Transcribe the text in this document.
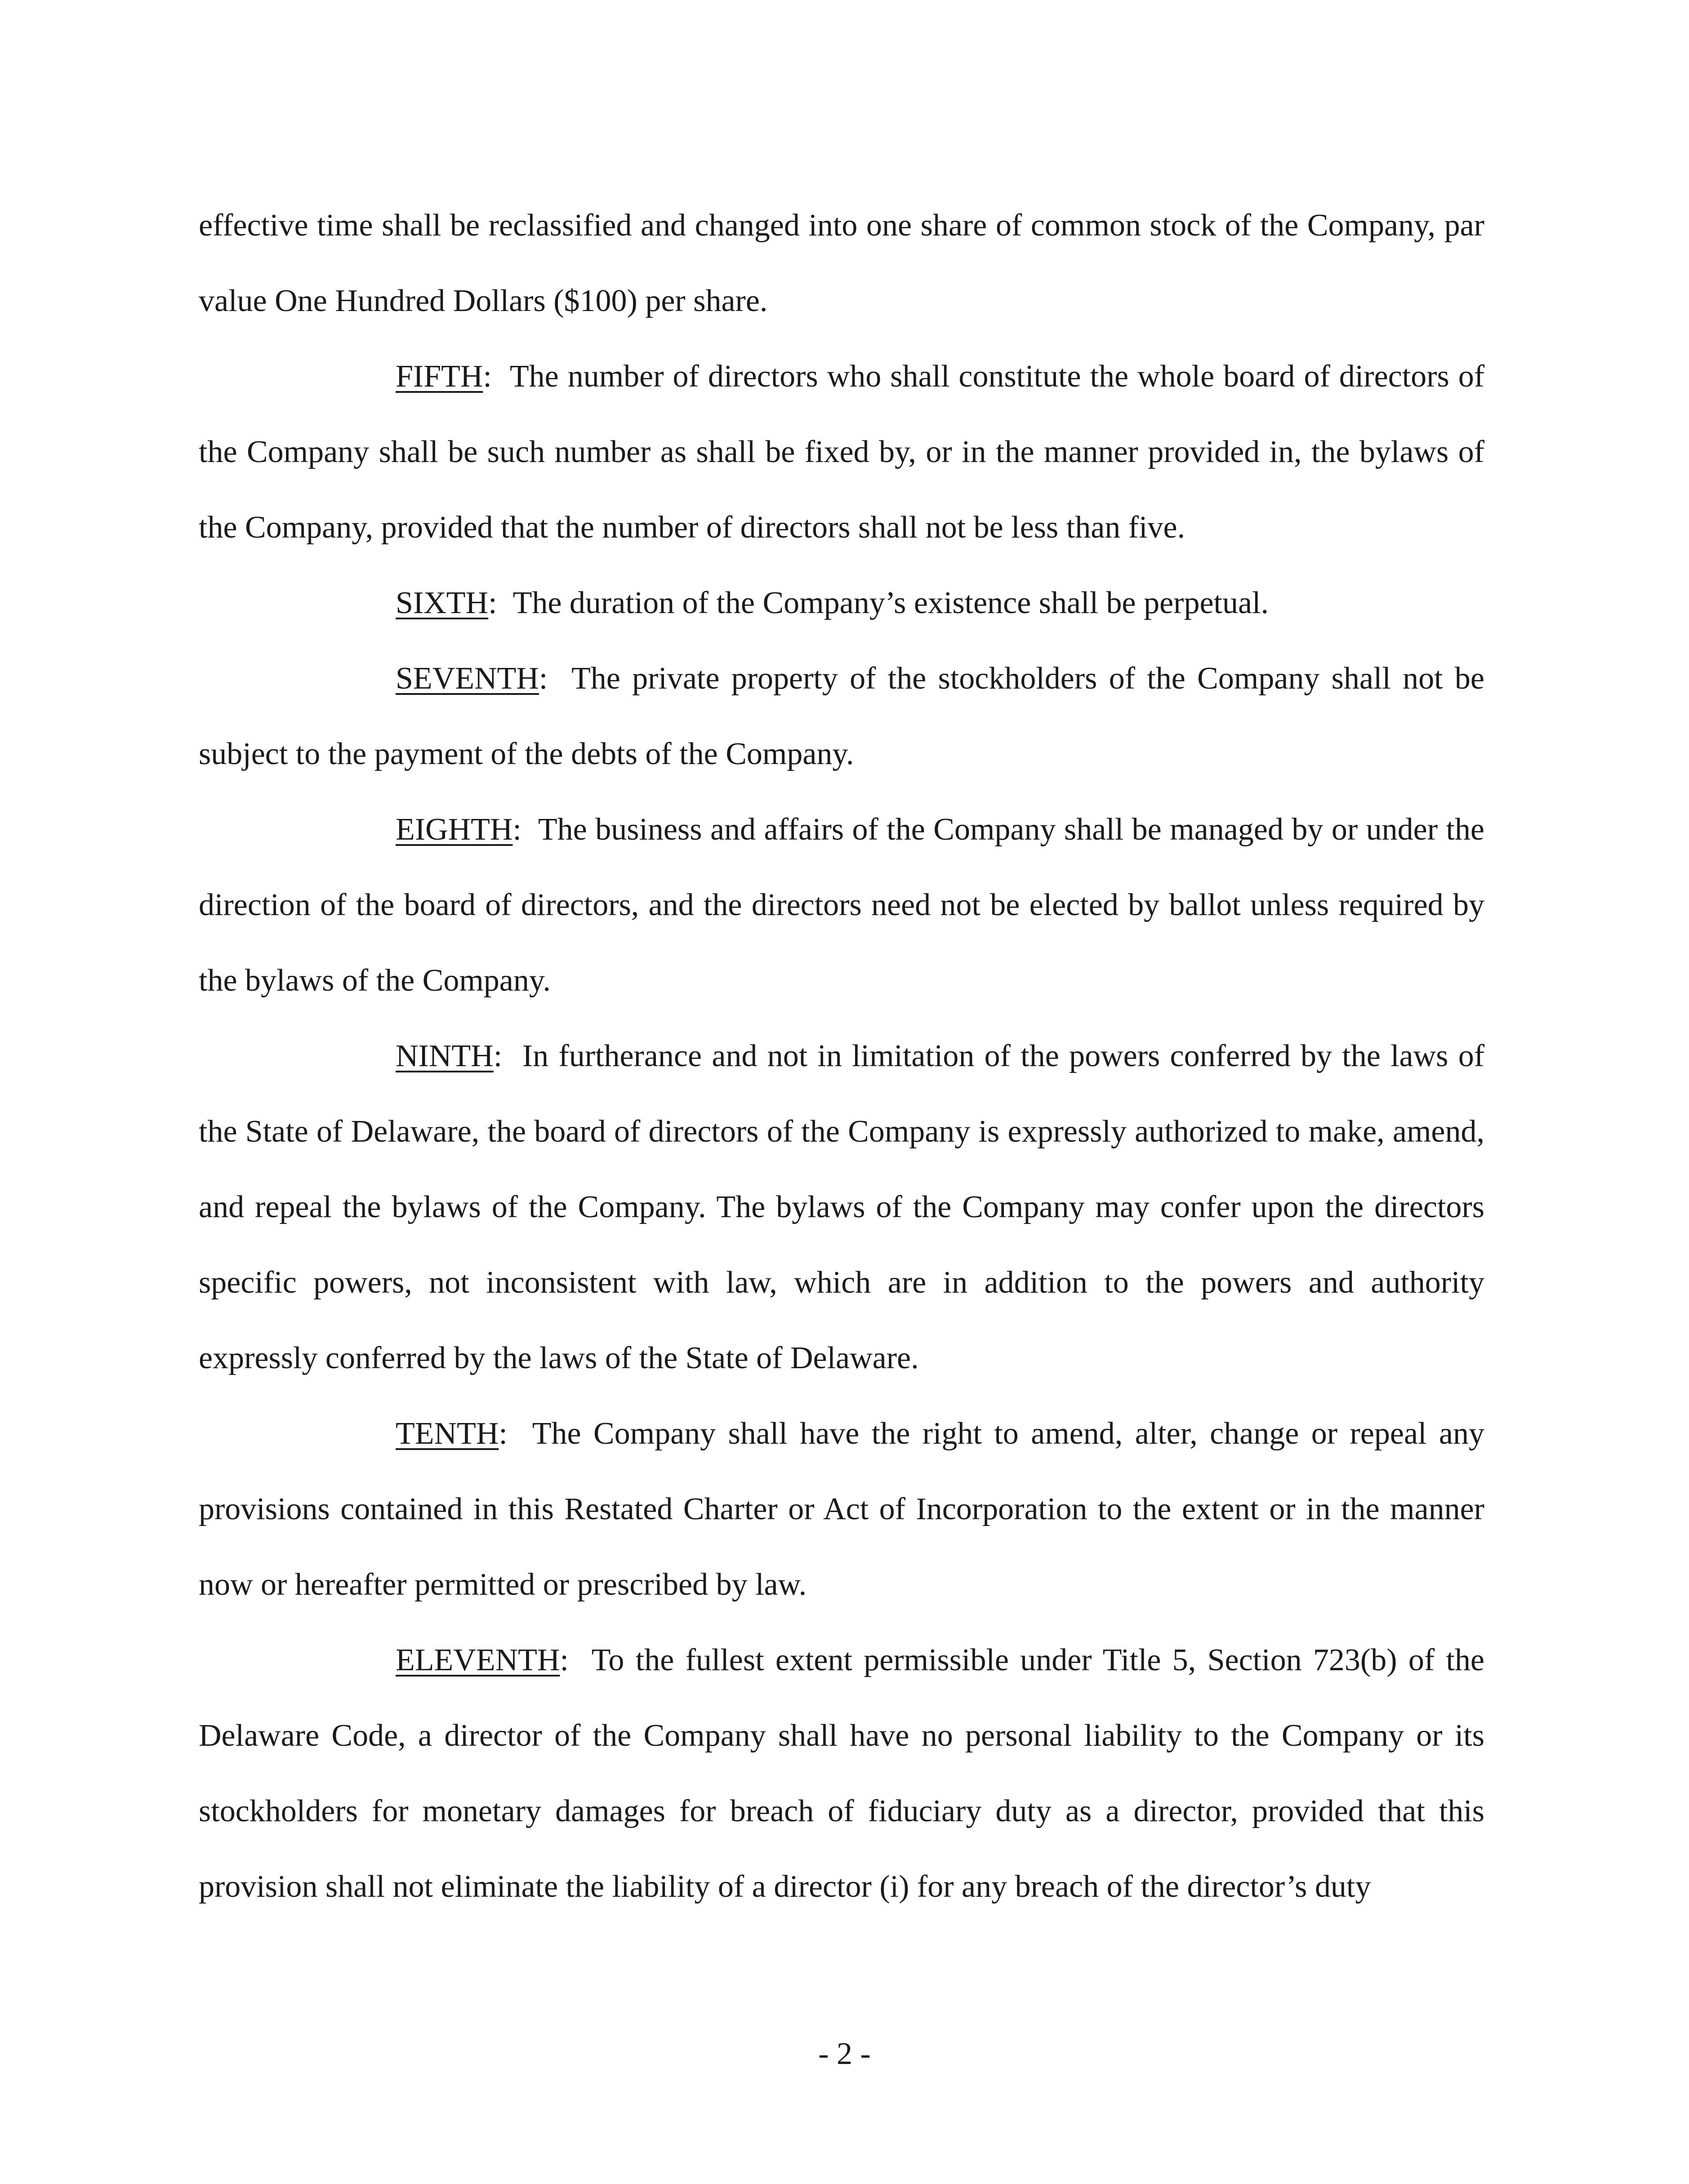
effective time shall be reclassified and changed into one share of common stock of the Company, par value One Hundred Dollars ($100) per share.

FIFTH: The number of directors who shall constitute the whole board of directors of the Company shall be such number as shall be fixed by, or in the manner provided in, the bylaws of the Company, provided that the number of directors shall not be less than five.

SIXTH: The duration of the Company’s existence shall be perpetual.

SEVENTH: The private property of the stockholders of the Company shall not be subject to the payment of the debts of the Company.

EIGHTH: The business and affairs of the Company shall be managed by or under the direction of the board of directors, and the directors need not be elected by ballot unless required by the bylaws of the Company.

NINTH: In furtherance and not in limitation of the powers conferred by the laws of the State of Delaware, the board of directors of the Company is expressly authorized to make, amend, and repeal the bylaws of the Company. The bylaws of the Company may confer upon the directors specific powers, not inconsistent with law, which are in addition to the powers and authority expressly conferred by the laws of the State of Delaware.

TENTH: The Company shall have the right to amend, alter, change or repeal any provisions contained in this Restated Charter or Act of Incorporation to the extent or in the manner now or hereafter permitted or prescribed by law.

ELEVENTH: To the fullest extent permissible under Title 5, Section 723(b) of the Delaware Code, a director of the Company shall have no personal liability to the Company or its stockholders for monetary damages for breach of fiduciary duty as a director, provided that this provision shall not eliminate the liability of a director (i) for any breach of the director’s duty

- 2 -
